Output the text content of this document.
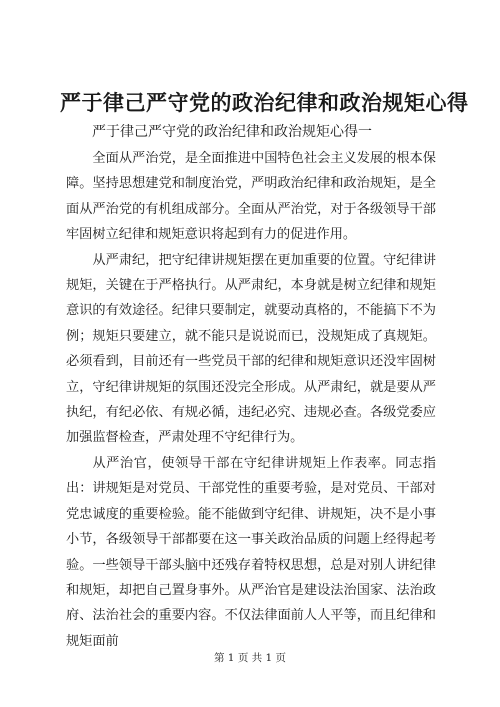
严于律己严守党的政治纪律和政治规矩心得
严于律己严守党的政治纪律和政治规矩心得一

全面从严治党，是全面推进中国特色社会主义发展的根本保障。坚持思想建党和制度治党，严明政治纪律和政治规矩，是全面从严治党的有机组成部分。全面从严治党，对于各级领导干部牢固树立纪律和规矩意识将起到有力的促进作用。

从严肃纪，把守纪律讲规矩摆在更加重要的位置。守纪律讲规矩，关键在于严格执行。从严肃纪，本身就是树立纪律和规矩意识的有效途径。纪律只要制定，就要动真格的，不能搞下不为例；规矩只要建立，就不能只是说说而已，没规矩成了真规矩。必须看到，目前还有一些党员干部的纪律和规矩意识还没牢固树立，守纪律讲规矩的氛围还没完全形成。从严肃纪，就是要从严执纪，有纪必依、有规必循，违纪必究、违规必查。各级党委应加强监督检查，严肃处理不守纪律行为。

从严治官，使领导干部在守纪律讲规矩上作表率。同志指出：讲规矩是对党员、干部党性的重要考验，是对党员、干部对党忠诚度的重要检验。能不能做到守纪律、讲规矩，决不是小事小节，各级领导干部都要在这一事关政治品质的问题上经得起考验。一些领导干部头脑中还残存着特权思想，总是对别人讲纪律和规矩，却把自己置身事外。从严治官是建设法治国家、法治政府、法治社会的重要内容。不仅法律面前人人平等，而且纪律和规矩面前

第 1 页 共 1 页
